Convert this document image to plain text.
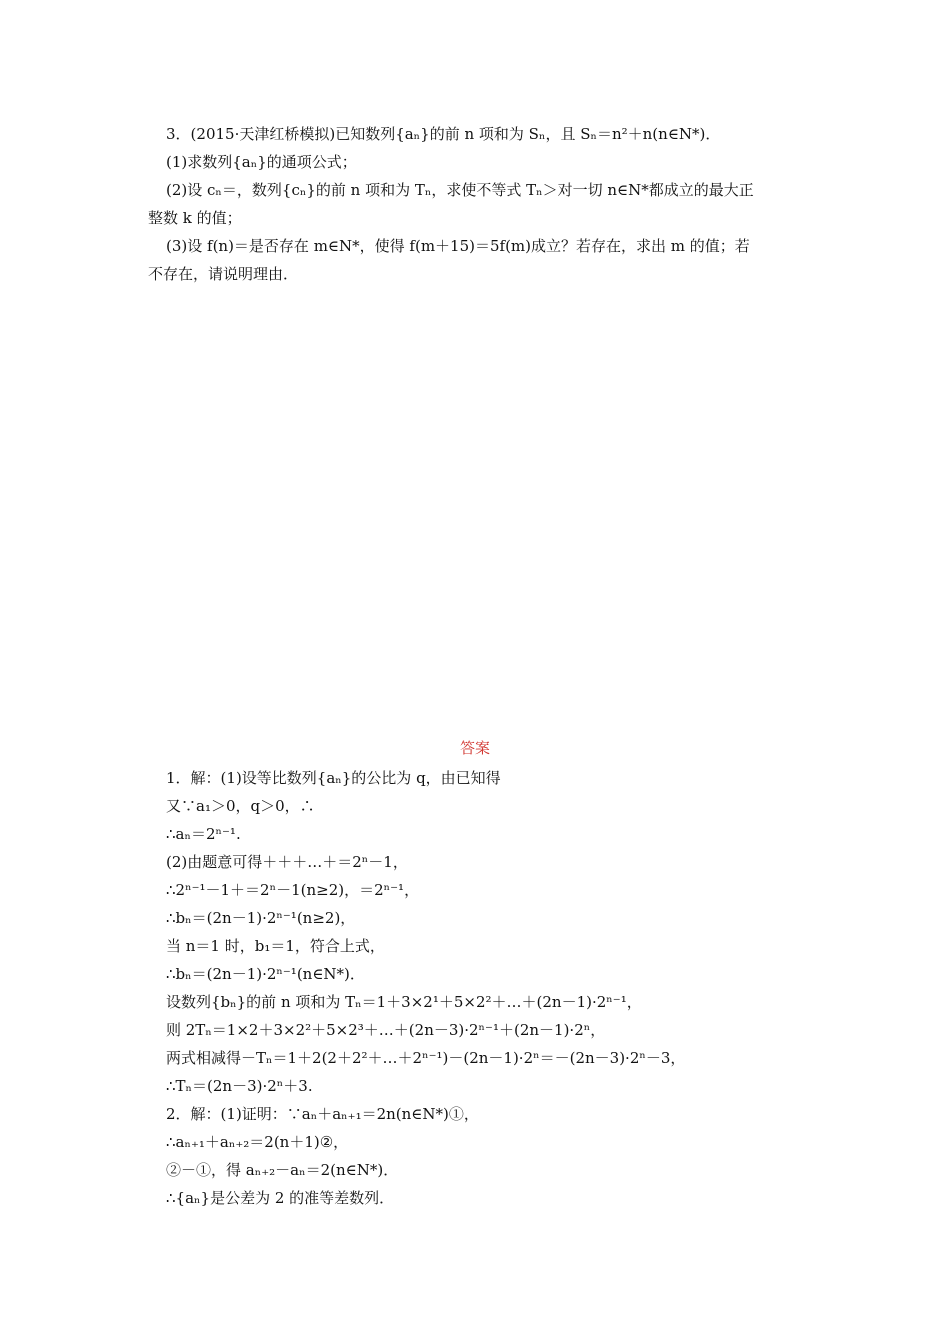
3．(2015·天津红桥模拟)已知数列{aₙ}的前 n 项和为 Sₙ，且 Sₙ＝n²＋n(n∈N*)．
(1)求数列{aₙ}的通项公式；
(2)设 cₙ＝，数列{cₙ}的前 n 项和为 Tₙ，求使不等式 Tₙ＞对一切 n∈N*都成立的最大正
整数 k 的值；
(3)设 f(n)＝是否存在 m∈N*，使得 f(m＋15)＝5f(m)成立？若存在，求出 m 的值；若
不存在，请说明理由．
答案
1．解：(1)设等比数列{aₙ}的公比为 q，由已知得
又∵a₁＞0，q＞0，∴
∴aₙ＝2ⁿ⁻¹.
(2)由题意可得＋＋＋…＋＝2ⁿ－1，
∴2ⁿ⁻¹－1＋＝2ⁿ－1(n≥2)，＝2ⁿ⁻¹，
∴bₙ＝(2n－1)·2ⁿ⁻¹(n≥2)，
当 n＝1 时，b₁＝1，符合上式，
∴bₙ＝(2n－1)·2ⁿ⁻¹(n∈N*)．
设数列{bₙ}的前 n 项和为 Tₙ＝1＋3×2¹＋5×2²＋…＋(2n－1)·2ⁿ⁻¹，
则 2Tₙ＝1×2＋3×2²＋5×2³＋…＋(2n－3)·2ⁿ⁻¹＋(2n－1)·2ⁿ，
两式相减得－Tₙ＝1＋2(2＋2²＋…＋2ⁿ⁻¹)－(2n－1)·2ⁿ＝－(2n－3)·2ⁿ－3，
∴Tₙ＝(2n－3)·2ⁿ＋3.
2．解：(1)证明：∵aₙ＋aₙ₊₁＝2n(n∈N*)①，
∴aₙ₊₁＋aₙ₊₂＝2(n＋1)②，
②－①，得 aₙ₊₂－aₙ＝2(n∈N*)．
∴{aₙ}是公差为 2 的准等差数列．
